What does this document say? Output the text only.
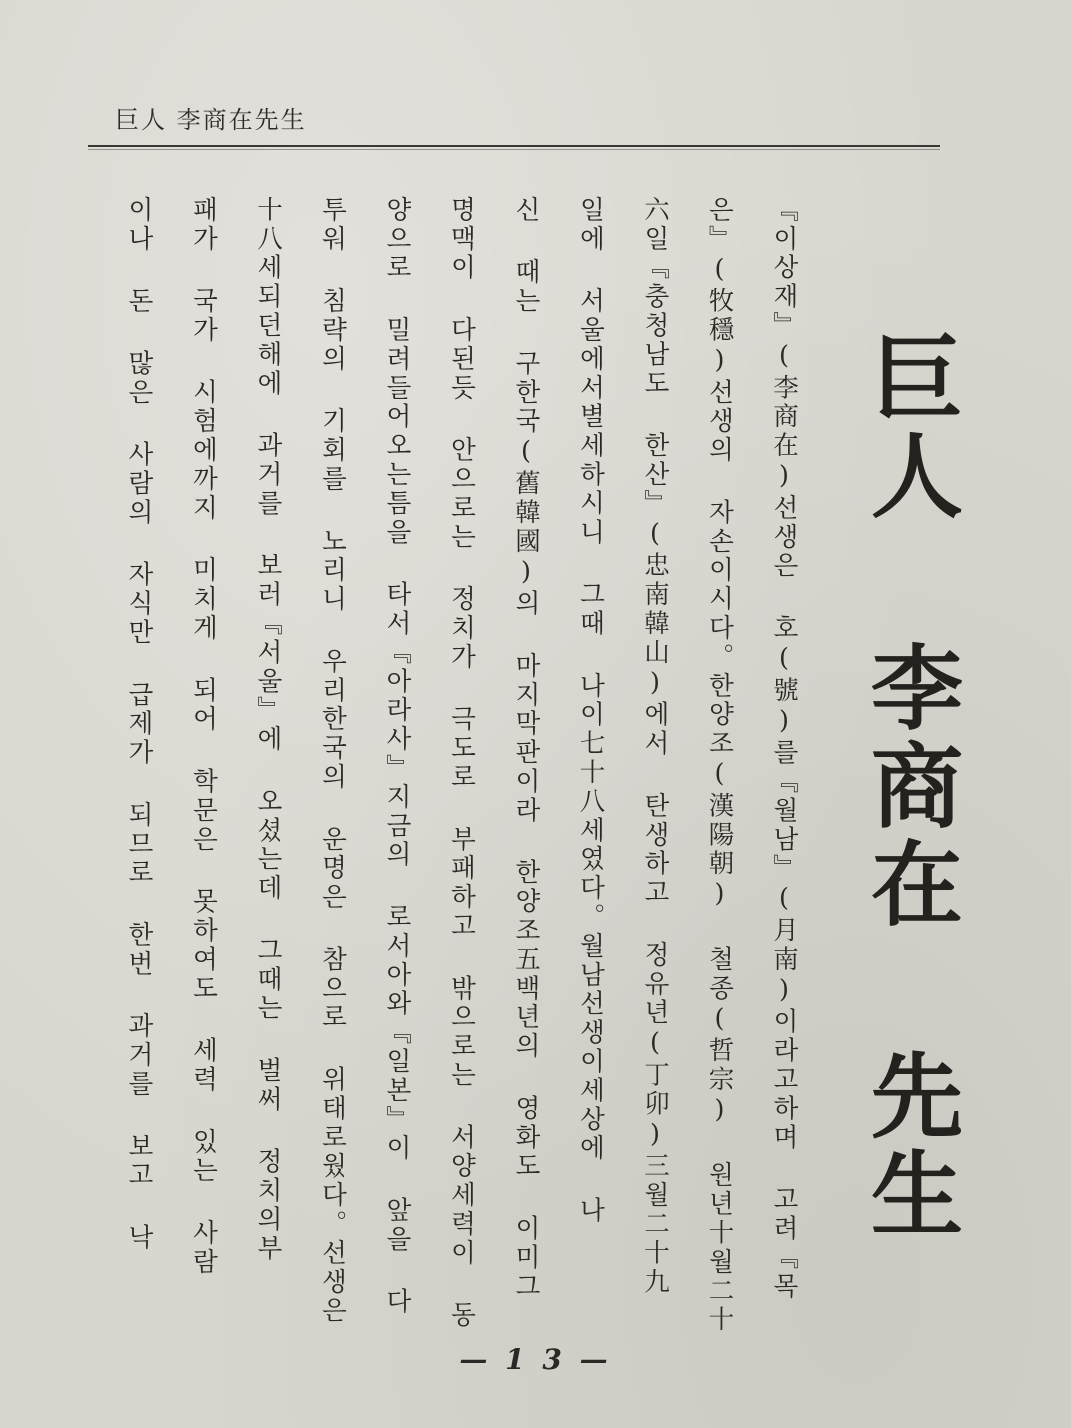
巨人 李商在先生
巨人 李商在 先生
『이상재』(李商在)선생은 호(號)를『월남』(月南)이라고하며 고려『목
은』(牧穩)선생의 자손이시다。한양조(漢陽朝) 철종(哲宗) 원년十월二十
六일『충청남도 한산』(忠南韓山)에서 탄생하고 정유년(丁卯)三월二十九
일에 서울에서별세하시니 그때 나이七十八세였다。월남선생이세상에 나
신 때는 구한국(舊韓國)의 마지막판이라 한양조五백년의 영화도 이미그
명맥이 다된듯 안으로는 정치가 극도로 부패하고 밖으로는 서양세력이 동
양으로 밀려들어오는틈을 타서『아라사』지금의 로서아와『일본』이 앞을 다
투워 침략의 기회를 노리니 우리한국의 운명은 참으로 위태로웠다。선생은
十八세되던해에 과거를 보러『서울』에 오셨는데 그때는 벌써 정치의부
패가 국가 시험에까지 미치게 되어 학문은 못하여도 세력 있는 사람
이나 돈 많은 사람의 자식만 급제가 되므로 한번 과거를 보고 낙
— 1 3 —
